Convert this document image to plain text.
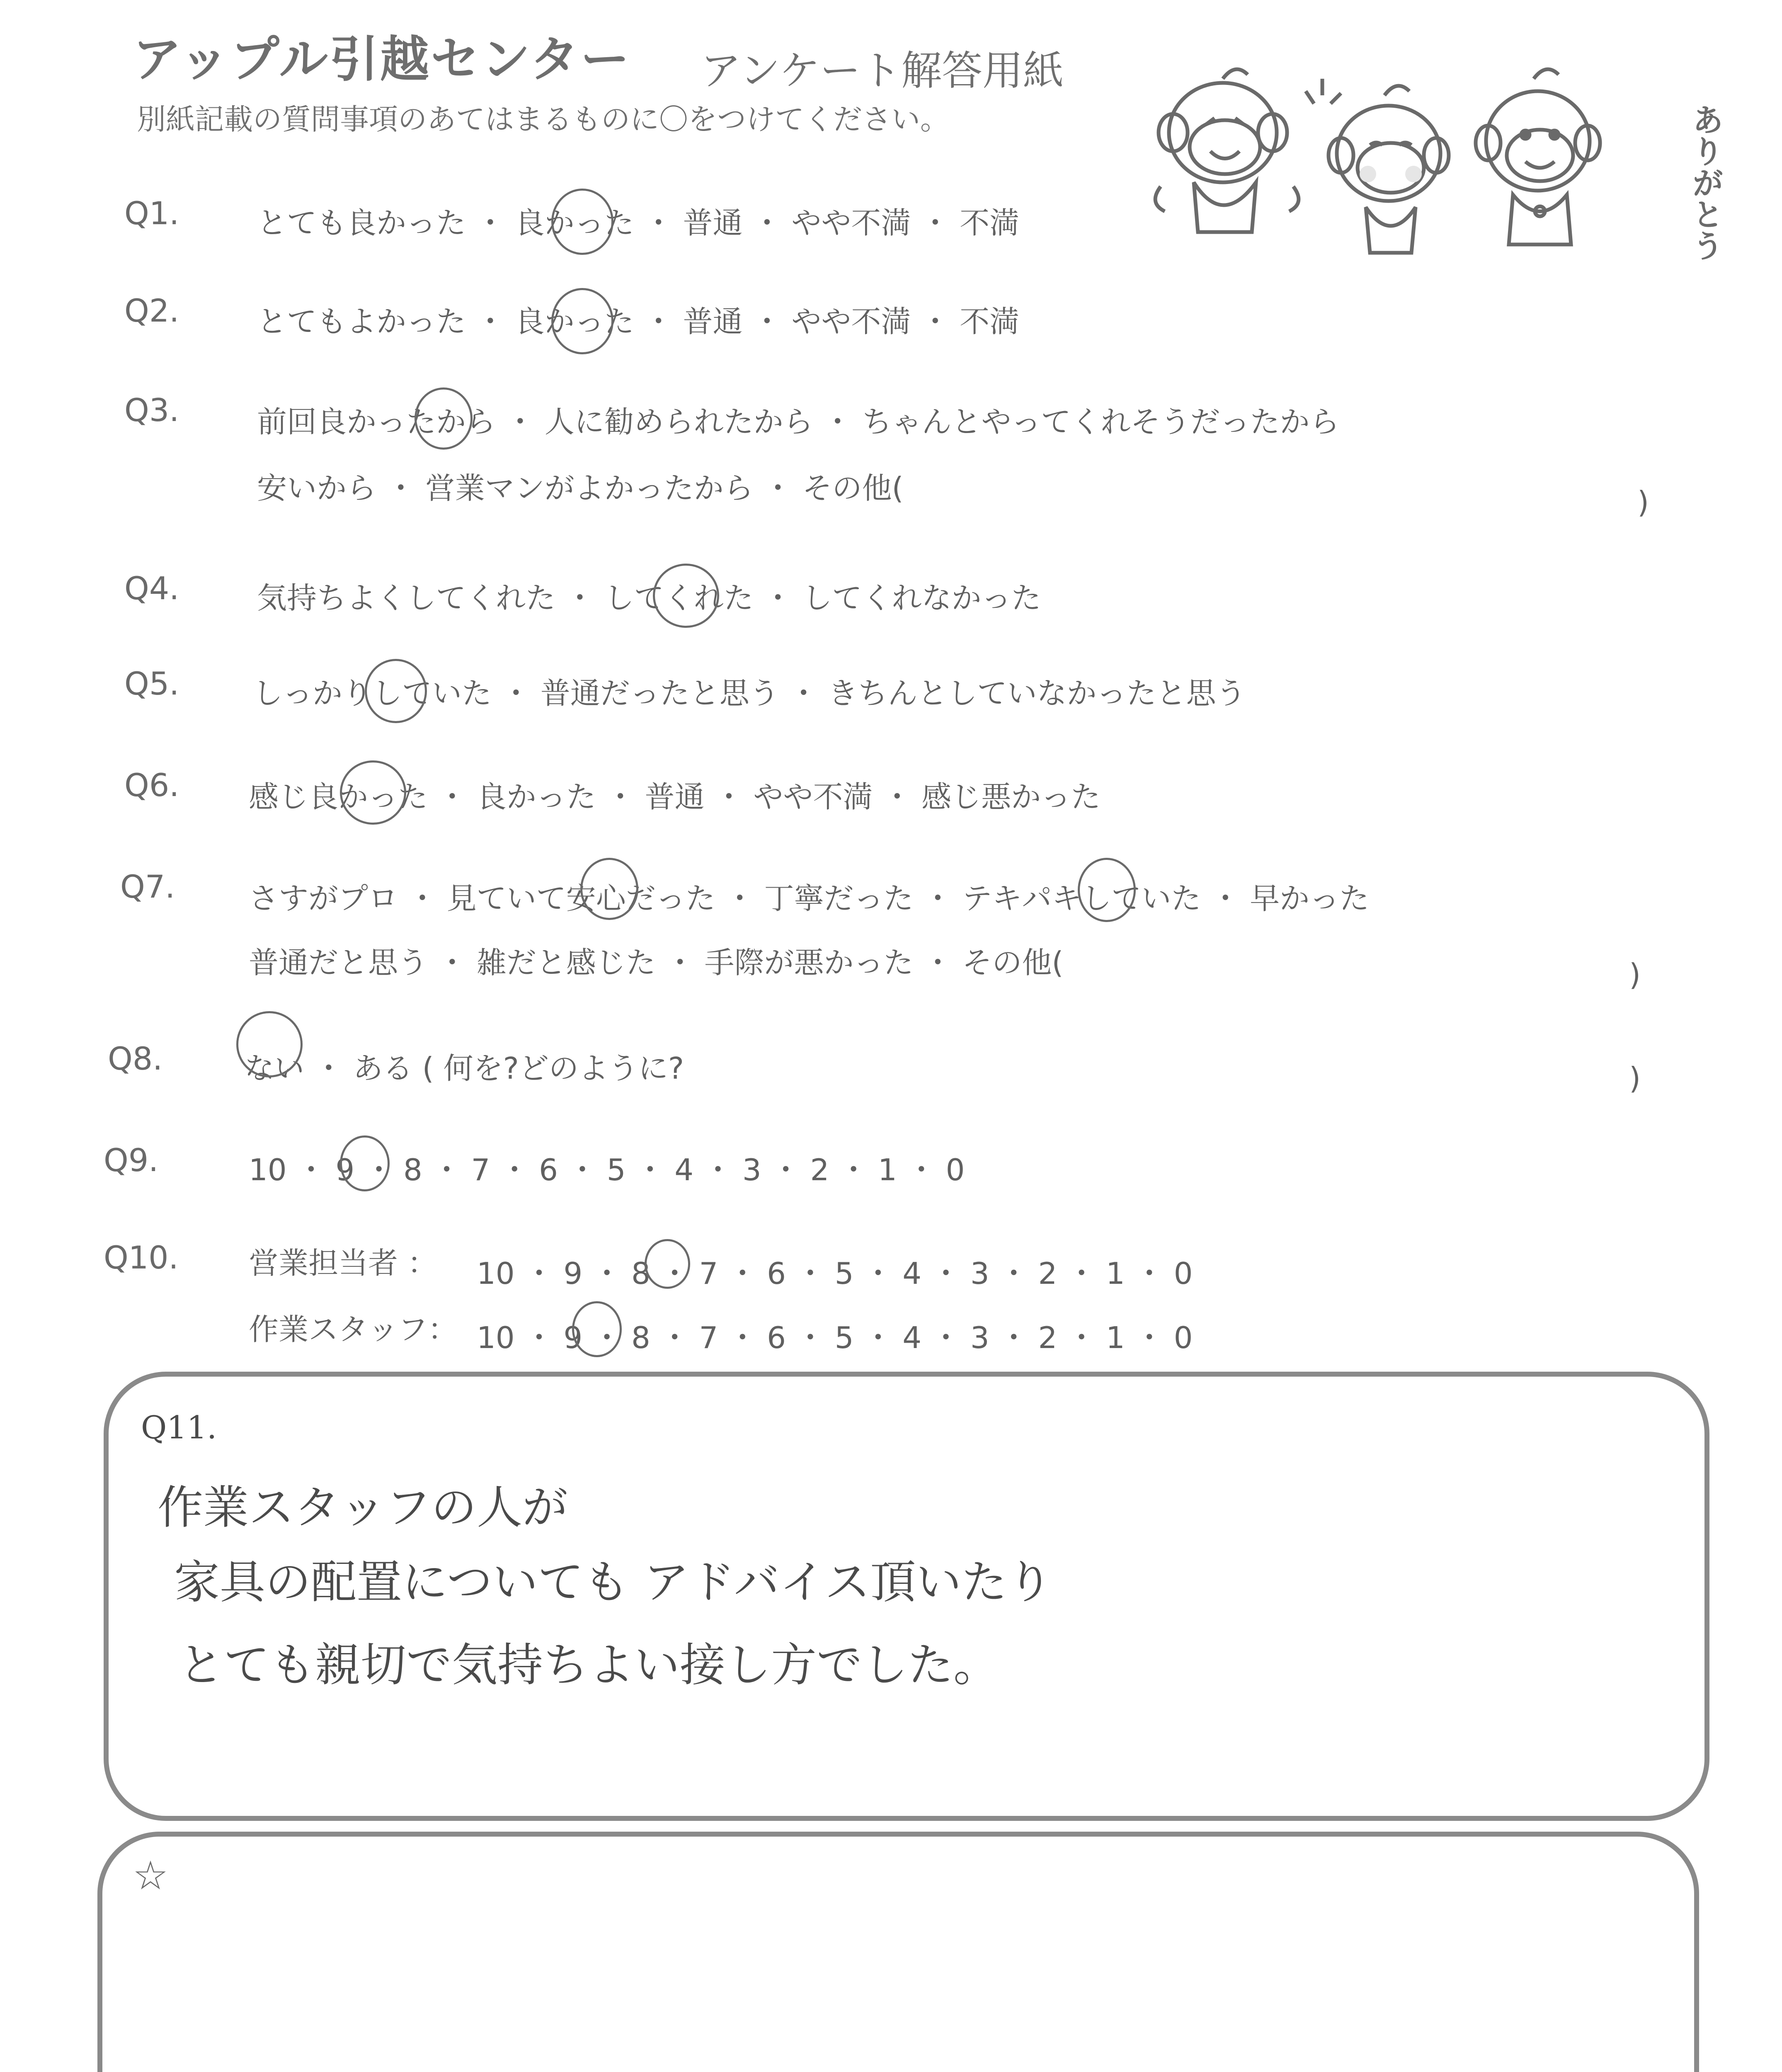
アップル引越センター アンケート解答用紙
別紙記載の質問事項のあてはまるものに〇をつけてください。	ありがとう
Q1.	とても良かった ・ 良かった ・ 普通 ・ やや不満 ・ 不満
Q2.	とてもよかった ・ 良かった ・ 普通 ・ やや不満 ・ 不満
Q3.	前回良かったから ・ 人に勧められたから ・ ちゃんとやってくれそうだったから
安いから ・ 営業マンがよかったから ・ その他(	)
Q4.	気持ちよくしてくれた ・ してくれた ・ してくれなかった
Q5. しっかりしていた ・ 普通だったと思う ・ きちんとしていなかったと思う
Q6. 感じ良かった ・ 良かった ・ 普通 ・ やや不満 ・ 感じ悪かった
Q7. さすがプロ ・ 見ていて安心だった ・ 丁寧だった ・ テキパキしていた ・ 早かった
普通だと思う ・ 雑だと感じた ・ 手際が悪かった ・ その他(	)
Q8.	ない ・ ある ( 何を?どのように?	)
Q9.	10 ・ 9 ・ 8 ・ 7 ・ 6 ・ 5 ・ 4 ・ 3 ・ 2 ・ 1 ・ 0
Q10. 営業担当者 ： 10 ・ 9 ・ 8 ・ 7 ・ 6 ・ 5 ・ 4 ・ 3 ・ 2 ・ 1 ・ 0
作業スタッフ： 10 ・ 9 ・ 8 ・ 7 ・ 6 ・ 5 ・ 4 ・ 3 ・ 2 ・ 1 ・ 0
Q11.
作業スタッフの人が
家具の配置についても アドバイス頂いたり
とても親切で気持ちよい接し方でした。
☆
